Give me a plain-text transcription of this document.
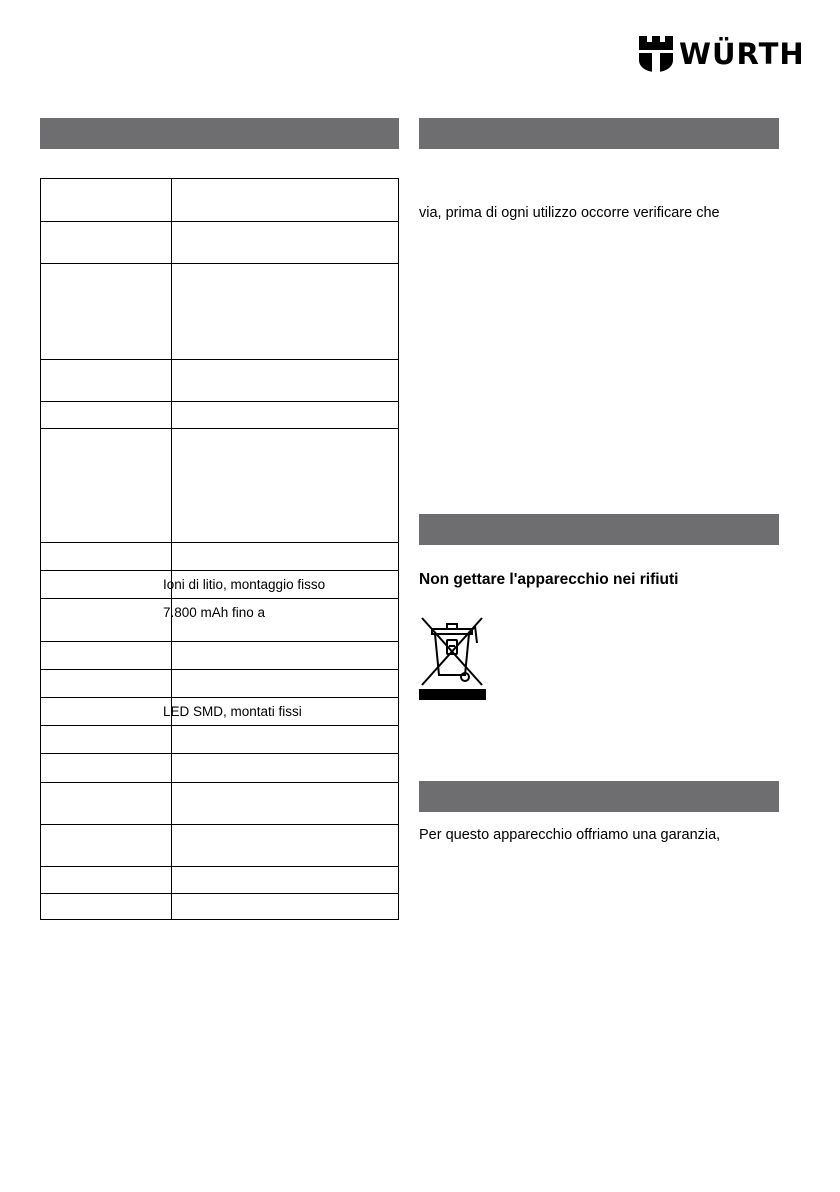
WÜRTH
Ioni di litio, montaggio fisso
7.800 mAh fino a
LED SMD, montati fissi
via, prima di ogni utilizzo occorre verificare che
Non gettare l'apparecchio nei rifiuti
Per questo apparecchio offriamo una garanzia,
